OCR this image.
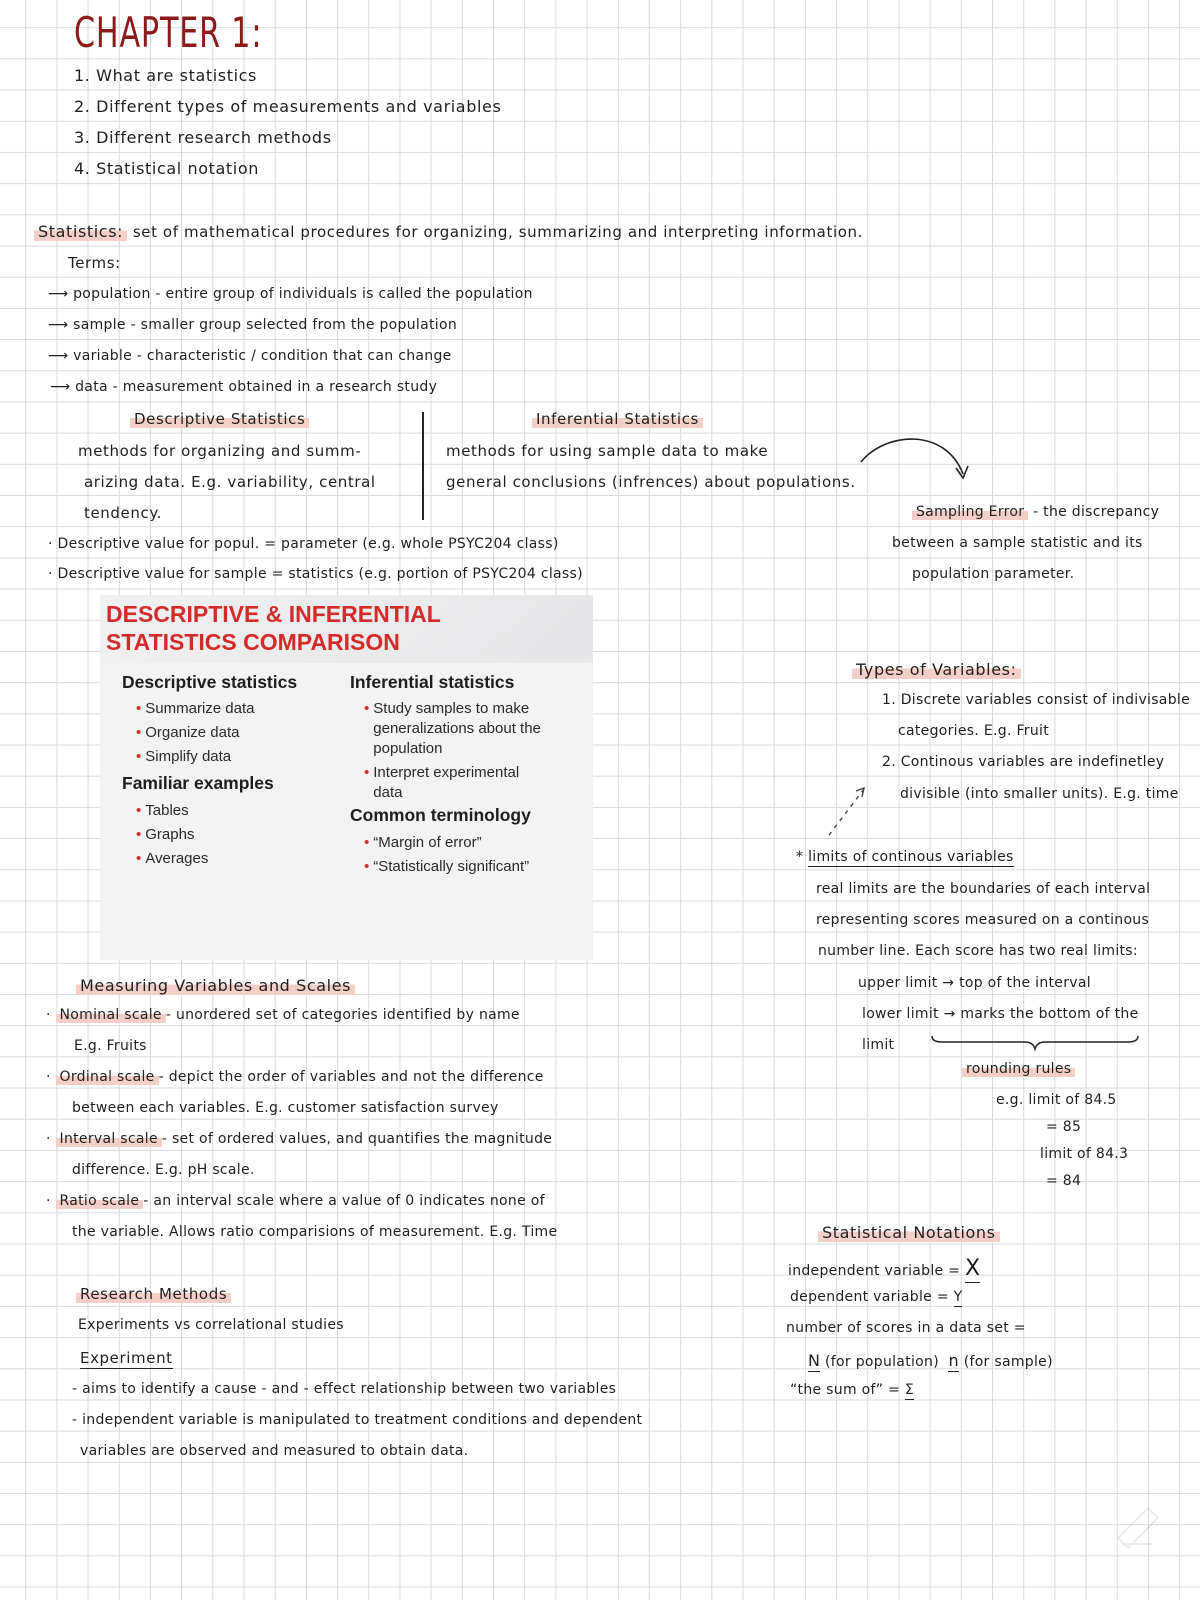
CHAPTER 1:
1. What are statistics
2. Different types of measurements and variables
3. Different research methods
4. Statistical notation
Statistics: set of mathematical procedures for organizing, summarizing and interpreting information.
Terms:
⟶ population - entire group of individuals is called the population
⟶ sample - smaller group selected from the population
⟶ variable - characteristic / condition that can change
⟶ data - measurement obtained in a research study
Descriptive Statistics
methods for organizing and summ-
arizing data. E.g. variability, central
tendency.
Inferential Statistics
methods for using sample data to make
general conclusions (infrences) about populations.
· Descriptive value for popul. = parameter (e.g. whole PSYC204 class)
· Descriptive value for sample = statistics (e.g. portion of PSYC204 class)
Sampling Error - the discrepancy
between a sample statistic and its
population parameter.
DESCRIPTIVE & INFERENTIAL
STATISTICS COMPARISON
Descriptive statistics
• Summarize data
• Organize data
• Simplify data
Familiar examples
• Tables
• Graphs
• Averages
Inferential statistics
• Study samples to make generalizations about the population
• Interpret experimental data
Common terminology
• “Margin of error”
• “Statistically significant”
Types of Variables:
1. Discrete variables consist of indivisable
categories. E.g. Fruit
2. Continous variables are indefinetley
divisible (into smaller units). E.g. time
* limits of continous variables
real limits are the boundaries of each interval
representing scores measured on a continous
number line. Each score has two real limits:
upper limit → top of the interval
lower limit → marks the bottom of the
limit
rounding rules
e.g. limit of 84.5
= 85
limit of 84.3
= 84
Measuring Variables and Scales
· Nominal scale - unordered set of categories identified by name
E.g. Fruits
· Ordinal scale - depict the order of variables and not the difference
between each variables. E.g. customer satisfaction survey
· Interval scale - set of ordered values, and quantifies the magnitude
difference. E.g. pH scale.
· Ratio scale - an interval scale where a value of 0 indicates none of
the variable. Allows ratio comparisions of measurement. E.g. Time
Research Methods
Experiments vs correlational studies
Experiment
- aims to identify a cause - and - effect relationship between two variables
- independent variable is manipulated to treatment conditions and dependent
variables are observed and measured to obtain data.
Statistical Notations
independent variable = X
dependent variable = Y
number of scores in a data set =
N (for population) n (for sample)
“the sum of” = Σ
